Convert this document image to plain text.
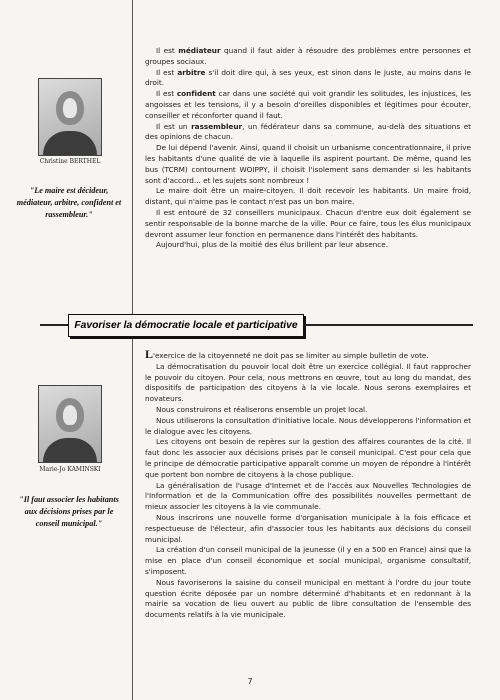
Christine BERTHEL
"Le maire est décideur, médiateur, arbitre, confident et rassembleur."
Marie-Jo KAMINSKI
"Il faut associer les habitants aux décisions prises par le conseil municipal."

Il est médiateur quand il faut aider à résoudre des problèmes entre personnes et groupes sociaux.

Il est arbitre s'il doit dire qui, à ses yeux, est sinon dans le juste, au moins dans le droit.

Il est confident car dans une société qui voit grandir les solitudes, les injustices, les angoisses et les tensions, il y a besoin d'oreilles disponibles et légitimes pour écouter, conseiller et réconforter quand il faut.

Il est un rassembleur, un fédérateur dans sa commune, au-delà des situations et des opinions de chacun.

De lui dépend l'avenir. Ainsi, quand il choisit un urbanisme concentrationnaire, il prive les habitants d'une qualité de vie à laquelle ils aspirent pourtant. De même, quand les bus (TCRM) contournent WOIPPY, il choisit l'isolement sans demander si les habitants sont d'accord... et les sujets sont nombreux !

Le maire doit être un maire-citoyen. Il doit recevoir les habitants. Un maire froid, distant, qui n'aime pas le contact n'est pas un bon maire.

Il est entouré de 32 conseillers municipaux. Chacun d'entre eux doit également se sentir responsable de la bonne marche de la ville. Pour ce faire, tous les élus municipaux devront assumer leur fonction en permanence dans l'intérêt des habitants.

Aujourd'hui, plus de la moitié des élus brillent par leur absence.

Favoriser la démocratie locale et participative

L'exercice de la citoyenneté ne doit pas se limiter au simple bulletin de vote.

La démocratisation du pouvoir local doit être un exercice collégial. Il faut rapprocher le pouvoir du citoyen. Pour cela, nous mettrons en œuvre, tout au long du mandat, des dispositifs de participation des citoyens à la vie locale. Nous serons exemplaires et novateurs.

Nous construirons et réaliserons ensemble un projet local.

Nous utiliserons la consultation d'initiative locale. Nous développerons l'information et le dialogue avec les citoyens.

Les citoyens ont besoin de repères sur la gestion des affaires courantes de la cité. Il faut donc les associer aux décisions prises par le conseil municipal. C'est pour cela que le principe de démocratie participative apparaît comme un moyen de répondre à l'intérêt que portent bon nombre de citoyens à la chose publique.

La généralisation de l'usage d'Internet et de l'accès aux Nouvelles Technologies de l'Information et de la Communication offre des possibilités nouvelles permettant de mieux associer les citoyens à la vie communale.

Nous inscrirons une nouvelle forme d'organisation municipale à la fois efficace et respectueuse de l'électeur, afin d'associer tous les habitants aux décisions du conseil municipal.

La création d'un conseil municipal de la jeunesse (il y en a 500 en France) ainsi que la mise en place d'un conseil économique et social municipal, organisme consultatif, s'imposent.

Nous favoriserons la saisine du conseil municipal en mettant à l'ordre du jour toute question écrite déposée par un nombre déterminé d'habitants et en redonnant à la mairie sa vocation de lieu ouvert au public de libre consultation de l'ensemble des documents relatifs à la vie municipale.

7
